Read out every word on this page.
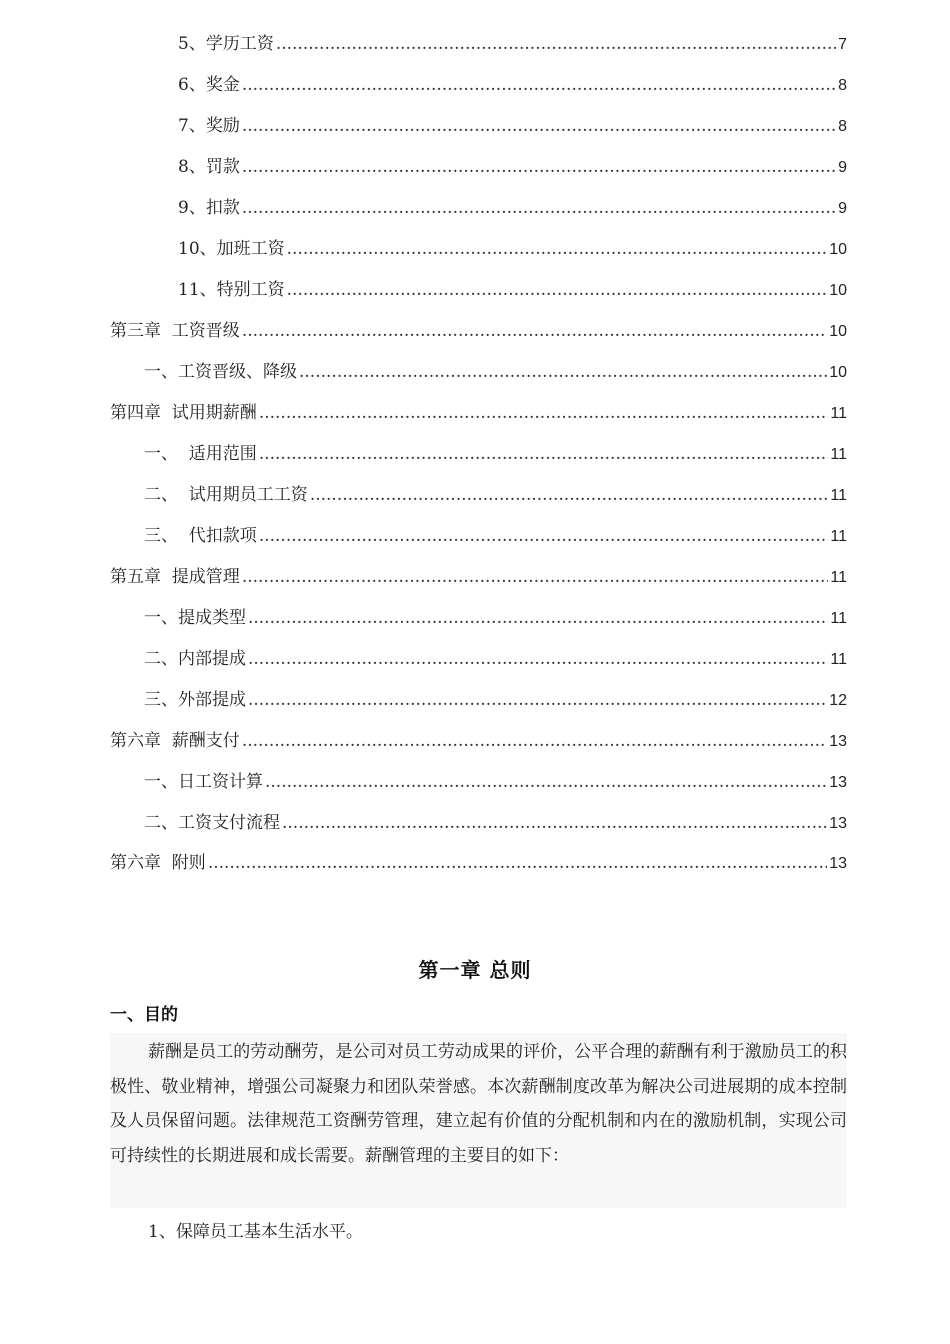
5、学历工资 .....	7
6、奖金 .....	8
7、奖励 .....	8
8、罚款 .....	9
9、扣款 .....	9
10、加班工资 .....	10
11、特别工资 .....	10
第三章  工资晋级 .....	10
一、工资晋级、降级 .....	10
第四章  试用期薪酬 .....	11
一、  适用范围 .....	11
二、  试用期员工工资 .....	11
三、  代扣款项 .....	11
第五章  提成管理 .....	11
一、提成类型 .....	11
二、内部提成 .....	11
三、外部提成 .....	12
第六章  薪酬支付 .....	13
一、日工资计算 .....	13
二、工资支付流程 .....	13
第六章  附则 .....	13
第一章 总则
一、目的
薪酬是员工的劳动酬劳，是公司对员工劳动成果的评价，公平合理的薪酬有利于激励员工的积极性、敬业精神，增强公司凝聚力和团队荣誉感。本次薪酬制度改革为解决公司进展期的成本控制及人员保留问题。法律规范工资酬劳管理，建立起有价值的分配机制和内在的激励机制，实现公司可持续性的长期进展和成长需要。薪酬管理的主要目的如下：
1、保障员工基本生活水平。
